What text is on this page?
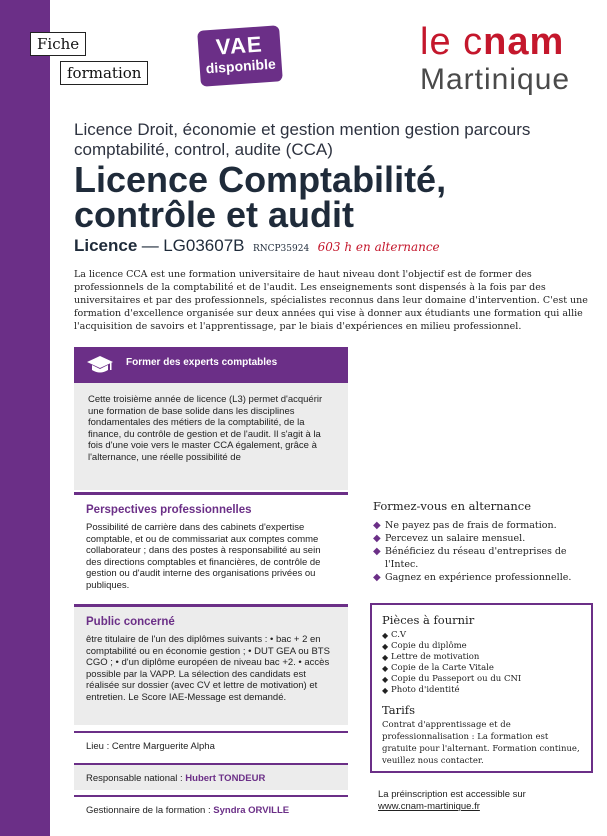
Fiche
formation
VAE
disponible
le cnam
Martinique
Licence Droit, économie et gestion mention gestion parcours comptabilité, control, audite (CCA)
Licence Comptabilité, contrôle et audit
Licence — LG03607B RNCP35924 603 h en alternance

La licence CCA est une formation universitaire de haut niveau dont l'objectif est de former des professionnels de la comptabilité et de l'audit. Les enseignements sont dispensés à la fois par des universitaires et par des professionnels, spécialistes reconnus dans leur domaine d'intervention. C'est une formation d'excellence organisée sur deux années qui vise à donner aux étudiants une formation qui allie l'acquisition de savoirs et l'apprentissage, par le biais d'expériences en milieu professionnel.

Former des experts comptables
Cette troisième année de licence (L3) permet d'acquérir une formation de base solide dans les disciplines fondamentales des métiers de la comptabilité, de la finance, du contrôle de gestion et de l'audit. Il s'agit à la fois d'une voie vers le master CCA également, grâce à l'alternance, une réelle possibilité de
Perspectives professionnelles
Possibilité de carrière dans des cabinets d'expertise comptable, et ou de commissariat aux comptes comme collaborateur ; dans des postes à responsabilité au sein des directions comptables et financières, de contrôle de gestion ou d'audit interne des organisations privées ou publiques.
Public concerné
être titulaire de l'un des diplômes suivants : • bac + 2 en comptabilité ou en économie gestion ; • DUT GEA ou BTS CGO ; • d'un diplôme européen de niveau bac +2. • accès possible par la VAPP. La sélection des candidats est réalisée sur dossier (avec CV et lettre de motivation) et entretien. Le Score IAE-Message est demandé.
Lieu : Centre Marguerite Alpha
Responsable national : Hubert TONDEUR
Gestionnaire de la formation : Syndra ORVILLE
Formez-vous en alternance
◆ Ne payez pas de frais de formation.
◆ Percevez un salaire mensuel.
◆ Bénéficiez du réseau d'entreprises de l'Intec.
◆ Gagnez en expérience professionnelle.
Pièces à fournir
◆ C.V
◆ Copie du diplôme
◆ Lettre de motivation
◆ Copie de la Carte Vitale
◆ Copie du Passeport ou du CNI
◆ Photo d'identité
Tarifs
Contrat d'apprentissage et de professionnalisation : La formation est gratuite pour l'alternant. Formation continue, veuillez nous contacter.
La préinscription est accessible sur
www.cnam-martinique.fr
